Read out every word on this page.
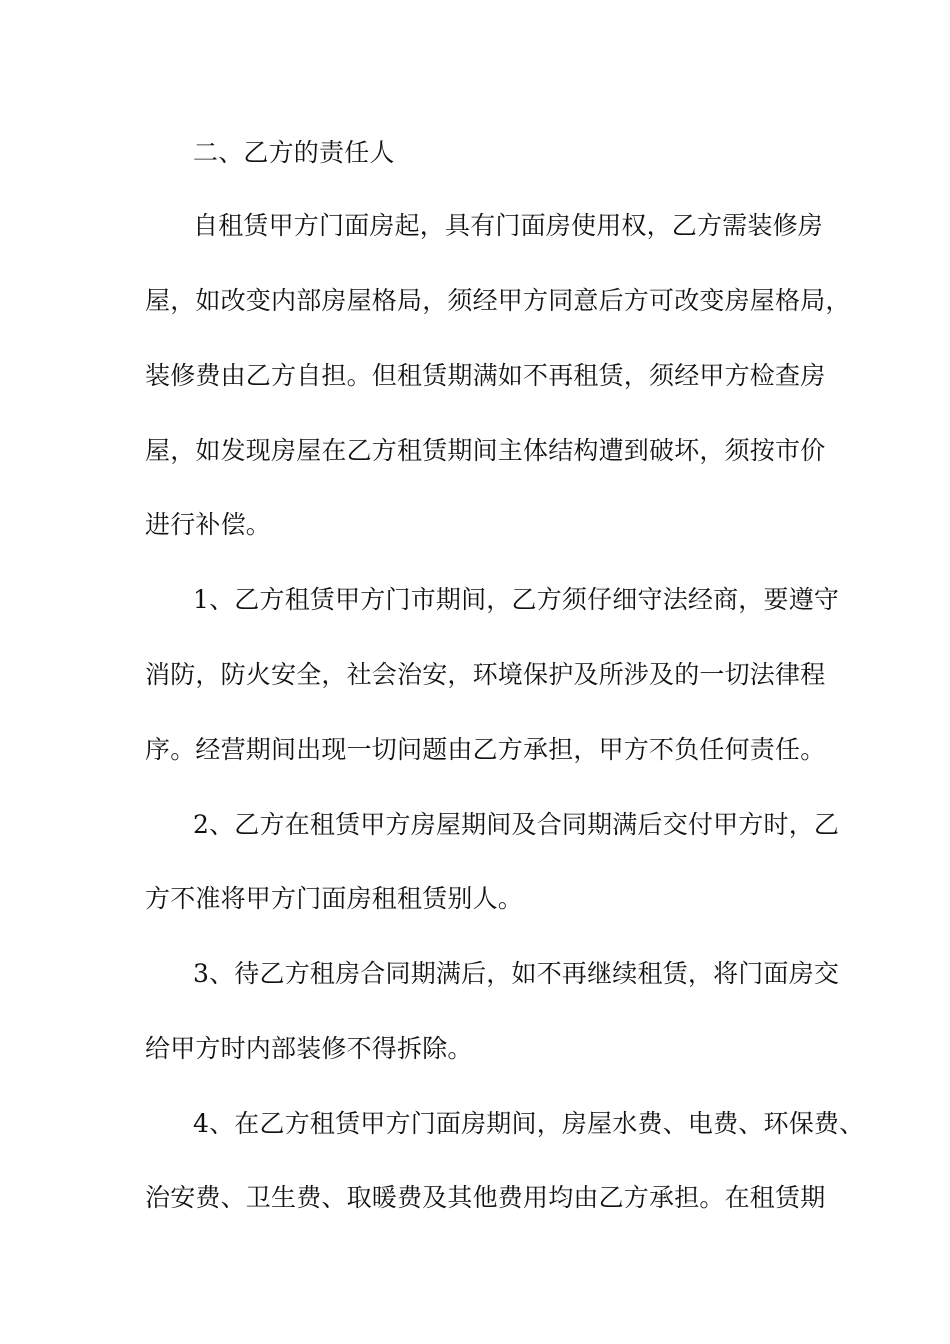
二、乙方的责任人

自租赁甲方门面房起，具有门面房使用权，乙方需装修房

屋，如改变内部房屋格局，须经甲方同意后方可改变房屋格局，

装修费由乙方自担。但租赁期满如不再租赁，须经甲方检查房

屋，如发现房屋在乙方租赁期间主体结构遭到破坏，须按市价

进行补偿。

1、乙方租赁甲方门市期间，乙方须仔细守法经商，要遵守

消防，防火安全，社会治安，环境保护及所涉及的一切法律程

序。经营期间出现一切问题由乙方承担，甲方不负任何责任。

2、乙方在租赁甲方房屋期间及合同期满后交付甲方时，乙

方不准将甲方门面房租租赁别人。

3、待乙方租房合同期满后，如不再继续租赁，将门面房交

给甲方时内部装修不得拆除。

4、在乙方租赁甲方门面房期间，房屋水费、电费、环保费、

治安费、卫生费、取暖费及其他费用均由乙方承担。在租赁期
